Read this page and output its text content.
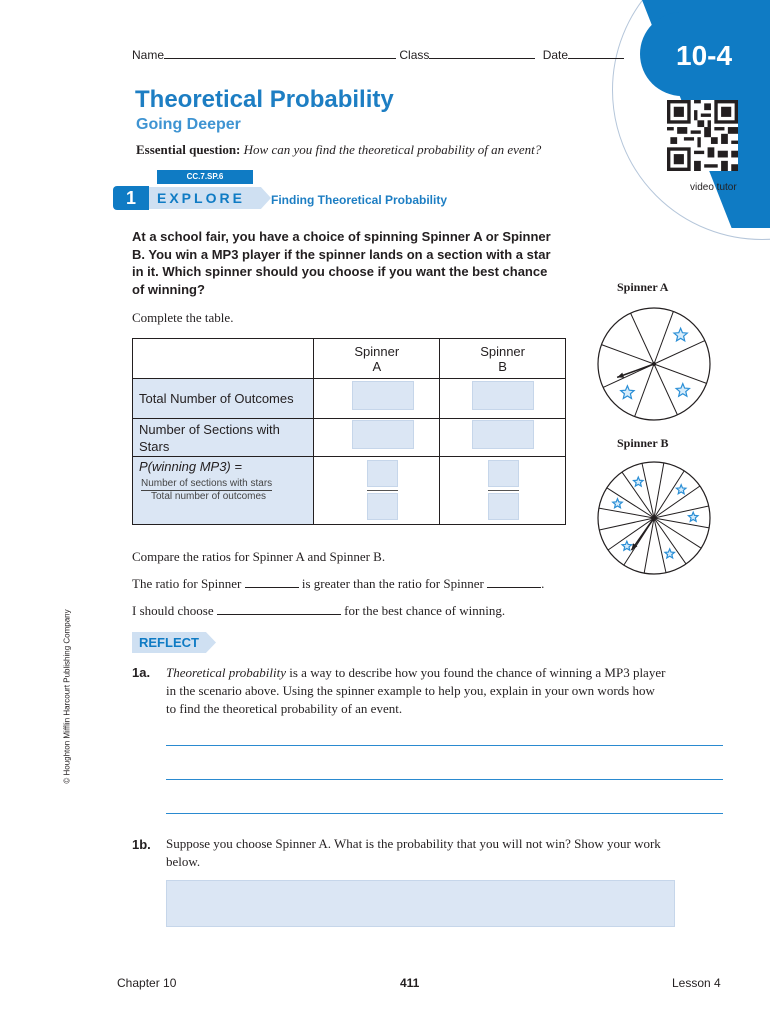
10-4
video tutor
Name	Class	Date
Theoretical Probability
Going Deeper
Essential question: How can you find the theoretical probability of an event?
CC.7.SP.6
1	EXPLORE Finding Theoretical Probability
At a school fair, you have a choice of spinning Spinner A or Spinner B. You win a MP3 player if the spinner lands on a section with a star in it. Which spinner should you choose if you want the best chance of winning?
Complete the table.
	Spinner A	Spinner B
Total Number of Outcomes		
Number of Sections with Stars		

P(winning MP3) =
Number of sections with stars
Total number of outcomes		

Spinner A
Spinner B
Compare the ratios for Spinner A and Spinner B.
The ratio for Spinner	is greater than the ratio for Spinner	.
I should choose	for the best chance of winning.
REFLECT
1a. Theoretical probability is a way to describe how you found the chance of winning a MP3 player in the scenario above. Using the spinner example to help you, explain in your own words how to find the theoretical probability of an event.
1b. Suppose you choose Spinner A. What is the probability that you will not win? Show your work below.
© Houghton Mifflin Harcourt Publishing Company
Chapter 10	411	Lesson 4
